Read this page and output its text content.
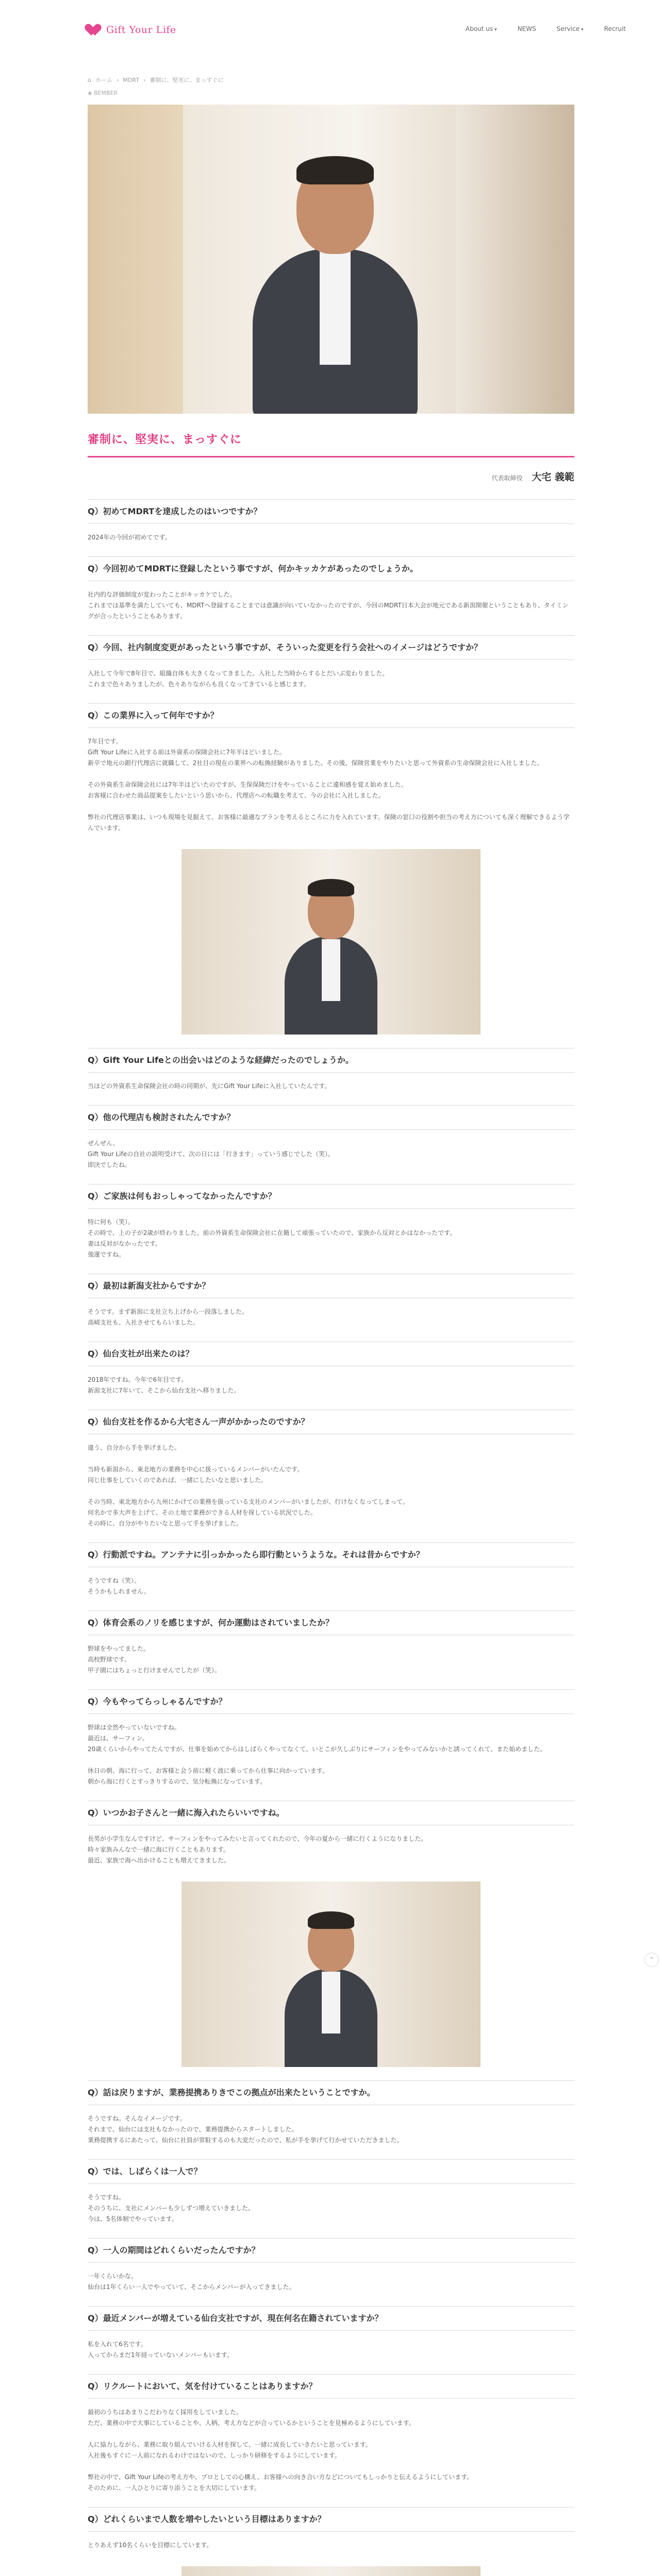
Gift Your Life	About us ▾	NEWS	Service ▾	Recruit
⌂ ホーム › MDRT › 審制に、堅実に、まっすぐに
◈ BEMBER
審制に、堅実に、まっすぐに
代表取締役 大宅 義範
Q）初めてMDRTを達成したのはいつですか？
2024年の今回が初めてです。
Q）今回初めてMDRTに登録したという事ですが、何かキッカケがあったのでしょうか。
社内的な評価制度が変わったことがキッカケでした。
これまでは基準を満たしていても、MDRTへ登録することまでは意識が向いていなかったのですが、今回のMDRT日本大会が地元である新潟開催ということもあり、タイミングが合ったということもあります。
Q）今回、社内制度変更があったという事ですが、そういった変更を行う会社へのイメージはどうですか？
入社して今年で8年目で、組織自体も大きくなってきました。入社した当時からするとだいぶ変わりました。
これまで色々ありましたが、色々ありながらも良くなってきていると感じます。
Q）この業界に入って何年ですか？
7年目です。
Gift Your Lifeに入社する前は外資系の保険会社に7年半ほどいました。
新卒で地元の銀行代理店に就職して、2社目の現在の業界への転換経験がありました。その後、保険営業をやりたいと思って外資系の生命保険会社に入社しました。

その外資系生命保険会社には7年半ほどいたのですが、生保保険だけをやっていることに違和感を覚え始めました。
お客様に合わせた商品提案をしたいという思いから、代理店への転職を考えて、今の会社に入社しました。

弊社の代理店事業は、いつも現場を見据えて、お客様に最適なプランを考えるところに力を入れています。保険の窓口の役割や担当の考え方についても深く理解できるよう学んでいます。
Q）Gift Your Lifeとの出会いはどのような経緯だったのでしょうか。
当ほどの外資系生命保険会社の時の同期が、先にGift Your Lifeに入社していたんです。
Q）他の代理店も検討されたんですか？
ぜんぜん。
Gift Your Lifeの自社の説明受けて、次の日には「行きます」っていう感じでした（笑）。
即決でしたね。
Q）ご家族は何もおっしゃってなかったんですか？
特に何も（笑）。
その時で、上の子が2歳が終わりました。前の外資系生命保険会社に在籍して頑張っていたので、家族から反対とかはなかったです。
妻は反対がなかったです。
強運ですね。
Q）最初は新潟支社からですか？
そうです。まず新潟に支社立ち上げから一段落しました。
高崎支社も、入社させてもらいました。
Q）仙台支社が出来たのは？
2018年ですね。今年で6年目です。
新潟支社に7年いて、そこから仙台支社へ移りました。
Q）仙台支社を作るから大宅さん一声がかかったのですか？
違う、自分から手を挙げました。

当時も新潟から、東北地方の業務を中心に扱っているメンバーがいたんです。
同じ仕事をしていくのであれば、一緒にしたいなと思いました。

その当時、東北地方から九州にかけての業務を扱っている支社のメンバーがいましたが、行けなくなってしまって。
何名かで多大声を上げて、その土地で業務ができる人材を探している状況でした。
その時に、自分がやりたいなと思って手を挙げました。
Q）行動派ですね。アンテナに引っかかったら即行動というような。それは昔からですか？
そうですね（笑）。
そうかもしれません。
Q）体育会系のノリを感じますが、何か運動はされていましたか？
野球をやってました。
高校野球です。
甲子園にはちょっと行けませんでしたが（笑）。
Q）今もやってらっしゃるんですか？
野球は全然やっていないですね。
最近は、サーフィン。
20歳くらいからやってたんですが、仕事を始めてからはしばらくやってなくて。いとこが久しぶりにサーフィンをやってみないかと誘ってくれて、また始めました。

休日の朝、海に行って、お客様と会う前に軽く波に乗ってから仕事に向かっています。
朝から海に行くとすっきりするので、気分転換になっています。
Q）いつかお子さんと一緒に海入れたらいいですね。
長男が小学生なんですけど、サーフィンをやってみたいと言ってくれたので、今年の夏から一緒に行くようになりました。
時々家族みんなで一緒に海に行くこともあります。
最近、家族で海へ出かけることも増えてきました。
Q）話は戻りますが、業務提携ありきでこの拠点が出来たということですか。
そうですね。そんなイメージです。
それまで、仙台には支社もなかったので、業務提携からスタートしました。
業務提携するにあたって、仙台に社員が常駐するのも大変だったので、私が手を挙げて行かせていただきました。
Q）では、しばらくは一人で？
そうですね。
そのうちに、支社にメンバーも少しずつ増えていきました。
今は、5名体制でやっています。
Q）一人の期間はどれくらいだったんですか？
一年くらいかな。
仙台は1年くらい一人でやっていて、そこからメンバーが入ってきました。
Q）最近メンバーが増えている仙台支社ですが、現在何名在籍されていますか？
私を入れて6名です。
入ってからまだ1年経っていないメンバーもいます。
Q）リクルートにおいて、気を付けていることはありますか？
最初のうちはあまりこだわりなく採用をしていました。
ただ、業務の中で大事にしていることや、人柄、考え方などが合っているかということを見極めるようにしています。

人に協力しながら、業務に取り組んでいける人材を探して、一緒に成長していきたいと思っています。
入社後もすぐに一人前になれるわけではないので、しっかり研修をするようにしています。

弊社の中で、Gift Your Lifeの考え方や、プロとしての心構え、お客様への向き合い方などについてもしっかりと伝えるようにしています。
そのために、一人ひとりに寄り添うことを大切にしています。
Q）どれくらいまで人数を増やしたいという目標はありますか？
とりあえず10名くらいを目標にしています。
⌃
